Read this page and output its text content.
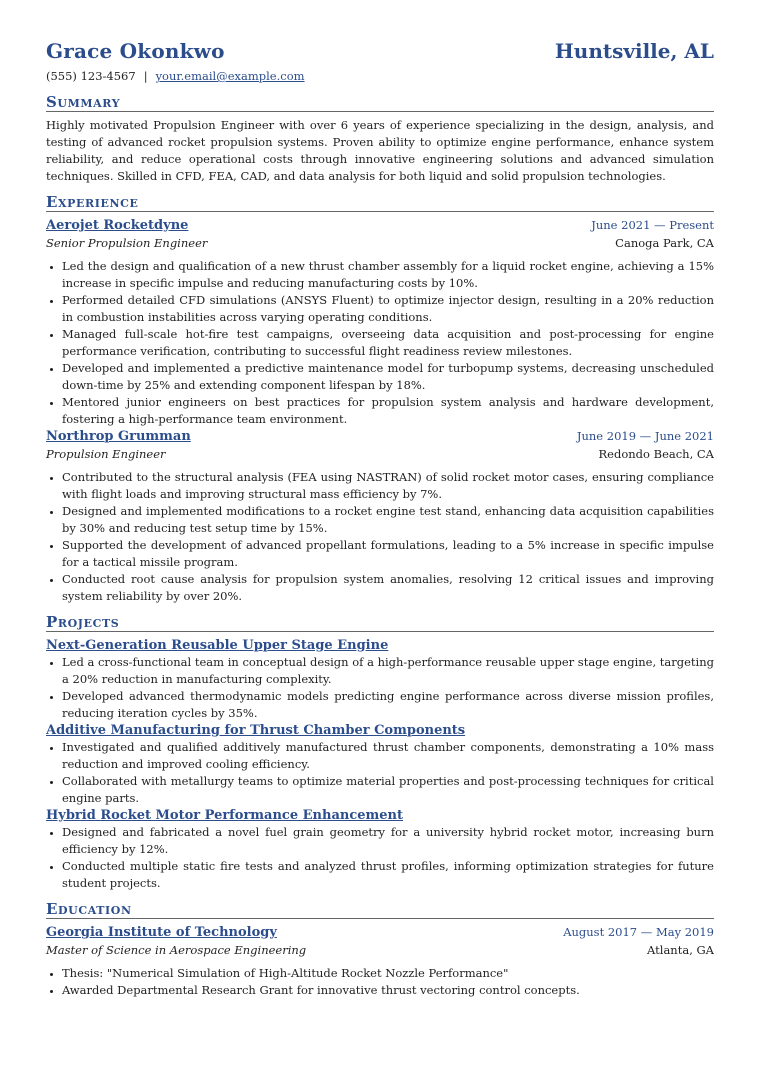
Grace Okonkwo	Huntsville, AL
(555) 123-4567 | your.email@example.com
Summary
Highly motivated Propulsion Engineer with over 6 years of experience specializing in the design, analysis, and testing of advanced rocket propulsion systems. Proven ability to optimize engine performance, enhance system reliability, and reduce operational costs through innovative engineering solutions and advanced simulation techniques. Skilled in CFD, FEA, CAD, and data analysis for both liquid and solid propulsion technologies.
Experience
Aerojet Rocketdyne	June 2021 — Present
Senior Propulsion Engineer	Canoga Park, CA
• Led the design and qualification of a new thrust chamber assembly for a liquid rocket engine, achieving a 15% increase in specific impulse and reducing manufacturing costs by 10%.
• Performed detailed CFD simulations (ANSYS Fluent) to optimize injector design, resulting in a 20% reduction in combustion instabilities across varying operating conditions.
• Managed full-scale hot-fire test campaigns, overseeing data acquisition and post-processing for engine performance verification, contributing to successful flight readiness review milestones.
• Developed and implemented a predictive maintenance model for turbopump systems, decreasing unscheduled down-time by 25% and extending component lifespan by 18%.
• Mentored junior engineers on best practices for propulsion system analysis and hardware development, fostering a high-performance team environment.
Northrop Grumman	June 2019 — June 2021
Propulsion Engineer	Redondo Beach, CA
• Contributed to the structural analysis (FEA using NASTRAN) of solid rocket motor cases, ensuring compliance with flight loads and improving structural mass efficiency by 7%.
• Designed and implemented modifications to a rocket engine test stand, enhancing data acquisition capabilities by 30% and reducing test setup time by 15%.
• Supported the development of advanced propellant formulations, leading to a 5% increase in specific impulse for a tactical missile program.
• Conducted root cause analysis for propulsion system anomalies, resolving 12 critical issues and improving system reliability by over 20%.
Projects
Next-Generation Reusable Upper Stage Engine
• Led a cross-functional team in conceptual design of a high-performance reusable upper stage engine, targeting a 20% reduction in manufacturing complexity.
• Developed advanced thermodynamic models predicting engine performance across diverse mission profiles, reducing iteration cycles by 35%.
Additive Manufacturing for Thrust Chamber Components
• Investigated and qualified additively manufactured thrust chamber components, demonstrating a 10% mass reduction and improved cooling efficiency.
• Collaborated with metallurgy teams to optimize material properties and post-processing techniques for critical engine parts.
Hybrid Rocket Motor Performance Enhancement
• Designed and fabricated a novel fuel grain geometry for a university hybrid rocket motor, increasing burn efficiency by 12%.
• Conducted multiple static fire tests and analyzed thrust profiles, informing optimization strategies for future student projects.
Education
Georgia Institute of Technology	August 2017 — May 2019
Master of Science in Aerospace Engineering	Atlanta, GA
• Thesis: "Numerical Simulation of High-Altitude Rocket Nozzle Performance"
• Awarded Departmental Research Grant for innovative thrust vectoring control concepts.
